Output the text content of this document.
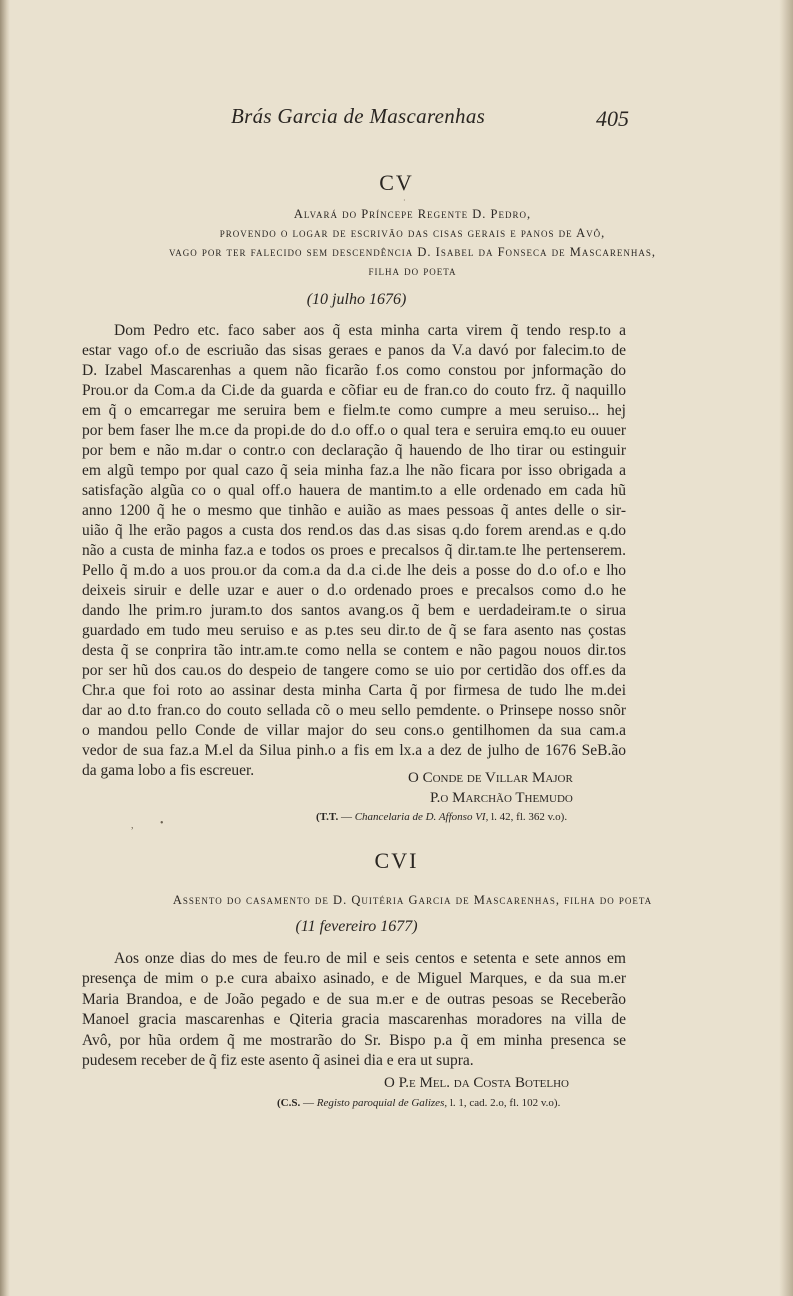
Brás Garcia de Mascarenhas	405
CV
·
Alvará do Príncepe Regente D. Pedro,
provendo o logar de escrivão das cisas gerais e panos de Avô,
vago por ter falecido sem descendência D. Isabel da Fonseca de Mascarenhas,
filha do poeta
(10 julho 1676)
Dom Pedro etc. faco saber aos q̃ esta minha carta virem q̃ tendo resp.to a
estar vago of.o de escriuão das sisas geraes e panos da V.a davó por falecim.to de
D. Izabel Mascarenhas a quem não ficarão f.os como constou por jnformação do
Prou.or da Com.a da Ci.de da guarda e cõfiar eu de fran.co do couto frz. q̃ naquillo
em q̃ o emcarregar me seruira bem e fielm.te como cumpre a meu seruiso... hej
por bem faser lhe m.ce da propi.de do d.o off.o o qual tera e seruira emq.to eu ouuer
por bem e não m.dar o contr.o con declaração q̃ hauendo de lho tirar ou estinguir
em algũ tempo por qual cazo q̃ seia minha faz.a lhe não ficara por isso obrigada a
satisfação algũa co o qual off.o hauera de mantim.to a elle ordenado em cada hũ
anno 1200 q̃ he o mesmo que tinhão e auião as maes pessoas q̃ antes delle o sir-
uião q̃ lhe erão pagos a custa dos rend.os das d.as sisas q.do forem arend.as e q.do
não a custa de minha faz.a e todos os proes e precalsos q̃ dir.tam.te lhe pertenserem.
Pello q̃ m.do a uos prou.or da com.a da d.a ci.de lhe deis a posse do d.o of.o e lho
deixeis siruir e delle uzar e auer o d.o ordenado proes e precalsos como d.o he
dando lhe prim.ro juram.to dos santos avang.os q̃ bem e uerdadeiram.te o sirua
guardado em tudo meu seruiso e as p.tes seu dir.to de q̃ se fara asento nas çostas
desta q̃ se conprira tão intr.am.te como nella se contem e não pagou nouos dir.tos
por ser hũ dos cau.os do despeio de tangere como se uio por certidão dos off.es da
Chr.a que foi roto ao assinar desta minha Carta q̃ por firmesa de tudo lhe m.dei
dar ao d.to fran.co do couto sellada cõ o meu sello pemdente. o Prinsepe nosso snõr
o mandou pello Conde de villar major do seu cons.o gentilhomen da sua cam.a
vedor de sua faz.a M.el da Silua pinh.o a fis em lx.a a dez de julho de 1676 SeB.ão
da gama lobo a fis escreuer.	O Conde de Villar Major
P.o Marchão Themudo
,	•
(T.T. — Chancelaria de D. Affonso VI, l. 42, fl. 362 v.o).
CVI
Assento do casamento de D. Quitéria Garcia de Mascarenhas, filha do poeta
(11 fevereiro 1677)
Aos onze dias do mes de feu.ro de mil e seis centos e setenta e sete annos em
presença de mim o p.e cura abaixo asinado, e de Miguel Marques, e da sua m.er
Maria Brandoa, e de João pegado e de sua m.er e de outras pesoas se Receberão
Manoel gracia mascarenhas e Qiteria gracia mascarenhas moradores na villa de
Avô, por hũa ordem q̃ me mostrarão do Sr. Bispo p.a q̃ em minha presenca se
pudesem receber de q̃ fiz este asento q̃ asinei dia e era ut supra.
O P.e Mel. da Costa Botelho
(C.S. — Registo paroquial de Galizes, l. 1, cad. 2.o, fl. 102 v.o).
